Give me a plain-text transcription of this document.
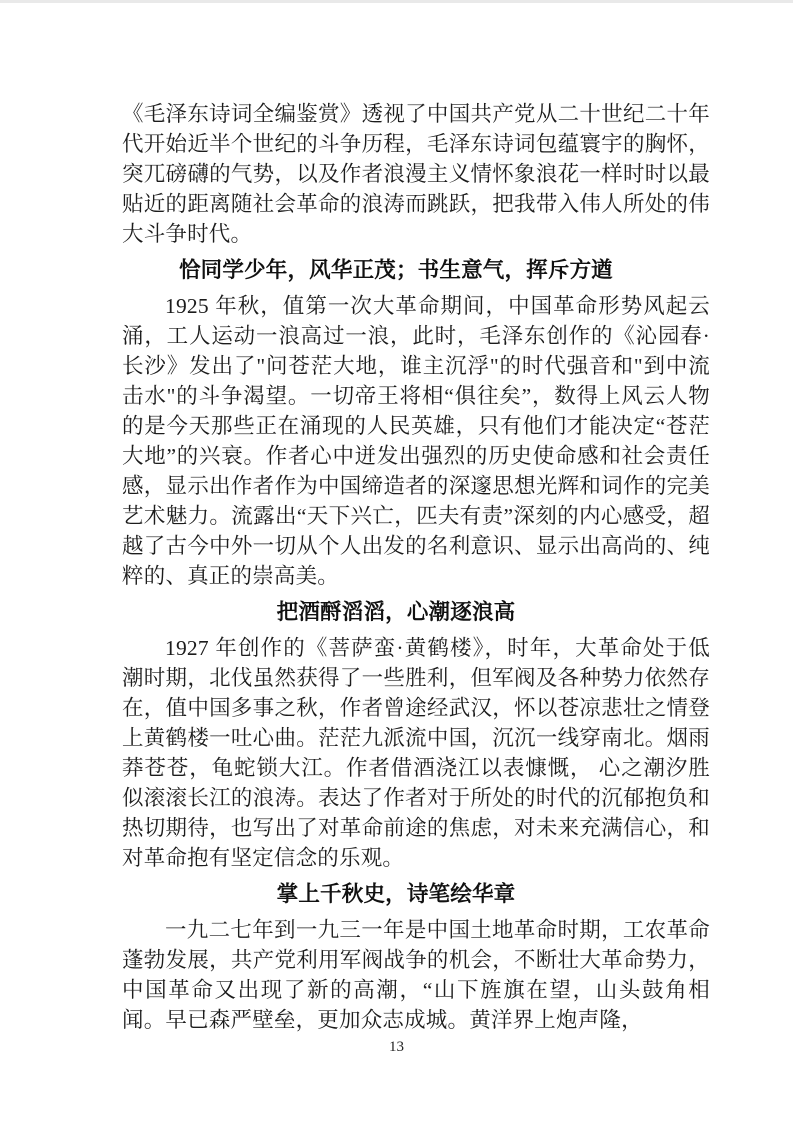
《毛泽东诗词全编鉴赏》透视了中国共产党从二十世纪二十年代开始近半个世纪的斗争历程，毛泽东诗词包蕴寰宇的胸怀，突兀磅礴的气势，以及作者浪漫主义情怀象浪花一样时时以最贴近的距离随社会革命的浪涛而跳跃，把我带入伟人所处的伟大斗争时代。

恰同学少年，风华正茂；书生意气，挥斥方遒

1925 年秋，值第一次大革命期间，中国革命形势风起云涌，工人运动一浪高过一浪，此时，毛泽东创作的《沁园春·长沙》发出了"问苍茫大地，谁主沉浮"的时代强音和"到中流击水"的斗争渴望。一切帝王将相“俱往矣”，数得上风云人物的是今天那些正在涌现的人民英雄，只有他们才能决定“苍茫大地”的兴衰。作者心中迸发出强烈的历史使命感和社会责任感，显示出作者作为中国缔造者的深邃思想光辉和词作的完美艺术魅力。流露出“天下兴亡，匹夫有责”深刻的内心感受，超越了古今中外一切从个人出发的名利意识、显示出高尚的、纯粹的、真正的崇高美。

把酒酹滔滔，心潮逐浪高

1927 年创作的《菩萨蛮·黄鹤楼》，时年，大革命处于低潮时期，北伐虽然获得了一些胜利，但军阀及各种势力依然存在，值中国多事之秋，作者曾途经武汉，怀以苍凉悲壮之情登上黄鹤楼一吐心曲。茫茫九派流中国，沉沉一线穿南北。烟雨莽苍苍，龟蛇锁大江。作者借酒浇江以表慷慨， 心之潮汐胜似滚滚长江的浪涛。表达了作者对于所处的时代的沉郁抱负和热切期待，也写出了对革命前途的焦虑，对未来充满信心，和对革命抱有坚定信念的乐观。

掌上千秋史，诗笔绘华章

一九二七年到一九三一年是中国土地革命时期，工农革命蓬勃发展，共产党利用军阀战争的机会，不断壮大革命势力，中国革命又出现了新的高潮，“山下旌旗在望，山头鼓角相闻。早已森严壁垒，更加众志成城。黄洋界上炮声隆，

13
